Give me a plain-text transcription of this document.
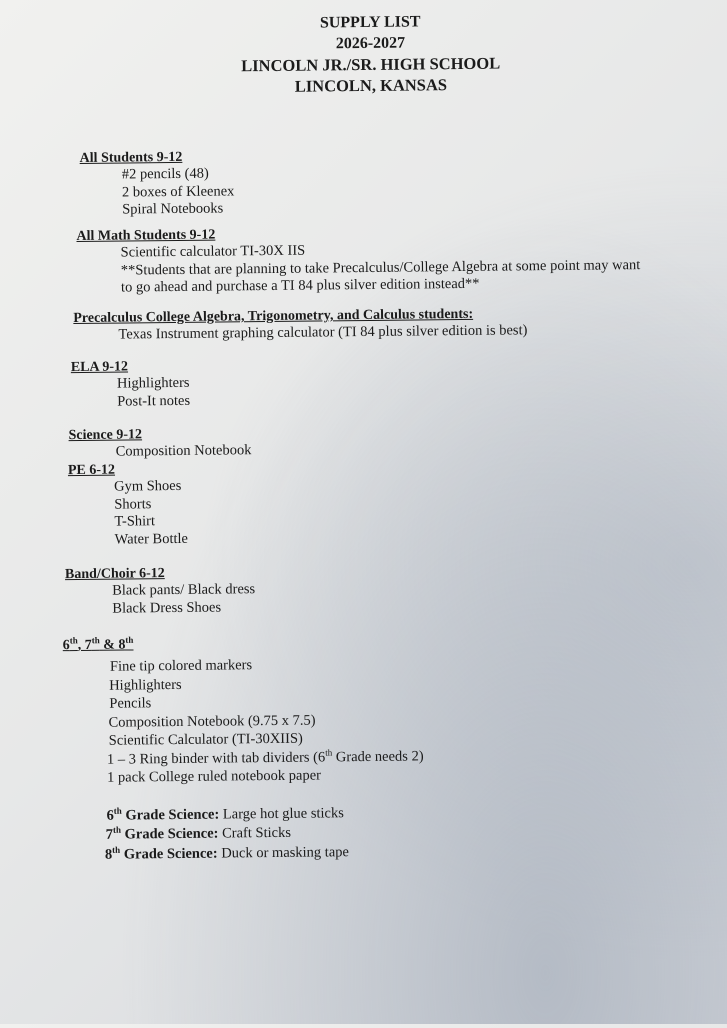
SUPPLY LIST
2026-2027
LINCOLN JR./SR. HIGH SCHOOL
LINCOLN, KANSAS
All Students 9-12
#2 pencils (48)
2 boxes of Kleenex
Spiral Notebooks
All Math Students 9-12
Scientific calculator TI-30X IIS
**Students that are planning to take Precalculus/College Algebra at some point may want
to go ahead and purchase a TI 84 plus silver edition instead**
Precalculus College Algebra, Trigonometry, and Calculus students:
Texas Instrument graphing calculator (TI 84 plus silver edition is best)
ELA 9-12
Highlighters
Post-It notes
Science 9-12
Composition Notebook
PE 6-12
Gym Shoes
Shorts
T-Shirt
Water Bottle
Band/Choir 6-12
Black pants/ Black dress
Black Dress Shoes
6th, 7th & 8th
Fine tip colored markers
Highlighters
Pencils
Composition Notebook (9.75 x 7.5)
Scientific Calculator (TI-30XIIS)
1 – 3 Ring binder with tab dividers (6th Grade needs 2)
1 pack College ruled notebook paper
6th Grade Science: Large hot glue sticks
7th Grade Science: Craft Sticks
8th Grade Science: Duck or masking tape
